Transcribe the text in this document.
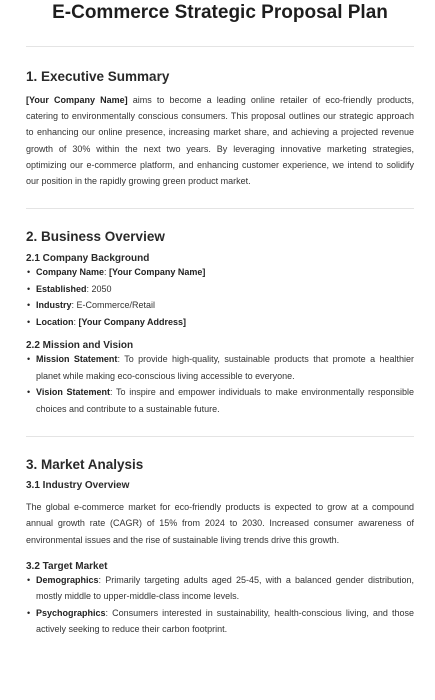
E-Commerce Strategic Proposal Plan
1. Executive Summary

[Your Company Name] aims to become a leading online retailer of eco-friendly products, catering to environmentally conscious consumers. This proposal outlines our strategic approach to enhancing our online presence, increasing market share, and achieving a projected revenue growth of 30% within the next two years. By leveraging innovative marketing strategies, optimizing our e-commerce platform, and enhancing customer experience, we intend to solidify our position in the rapidly growing green product market.

2. Business Overview
2.1 Company Background
• Company Name: [Your Company Name]
• Established: 2050
• Industry: E-Commerce/Retail
• Location: [Your Company Address]
2.2 Mission and Vision
• Mission Statement: To provide high-quality, sustainable products that promote a healthier planet while making eco-conscious living accessible to everyone.
• Vision Statement: To inspire and empower individuals to make environmentally responsible choices and contribute to a sustainable future.
3. Market Analysis
3.1 Industry Overview

The global e-commerce market for eco-friendly products is expected to grow at a compound annual growth rate (CAGR) of 15% from 2024 to 2030. Increased consumer awareness of environmental issues and the rise of sustainable living trends drive this growth.

3.2 Target Market
• Demographics: Primarily targeting adults aged 25-45, with a balanced gender distribution, mostly middle to upper-middle-class income levels.
• Psychographics: Consumers interested in sustainability, health-conscious living, and those actively seeking to reduce their carbon footprint.
